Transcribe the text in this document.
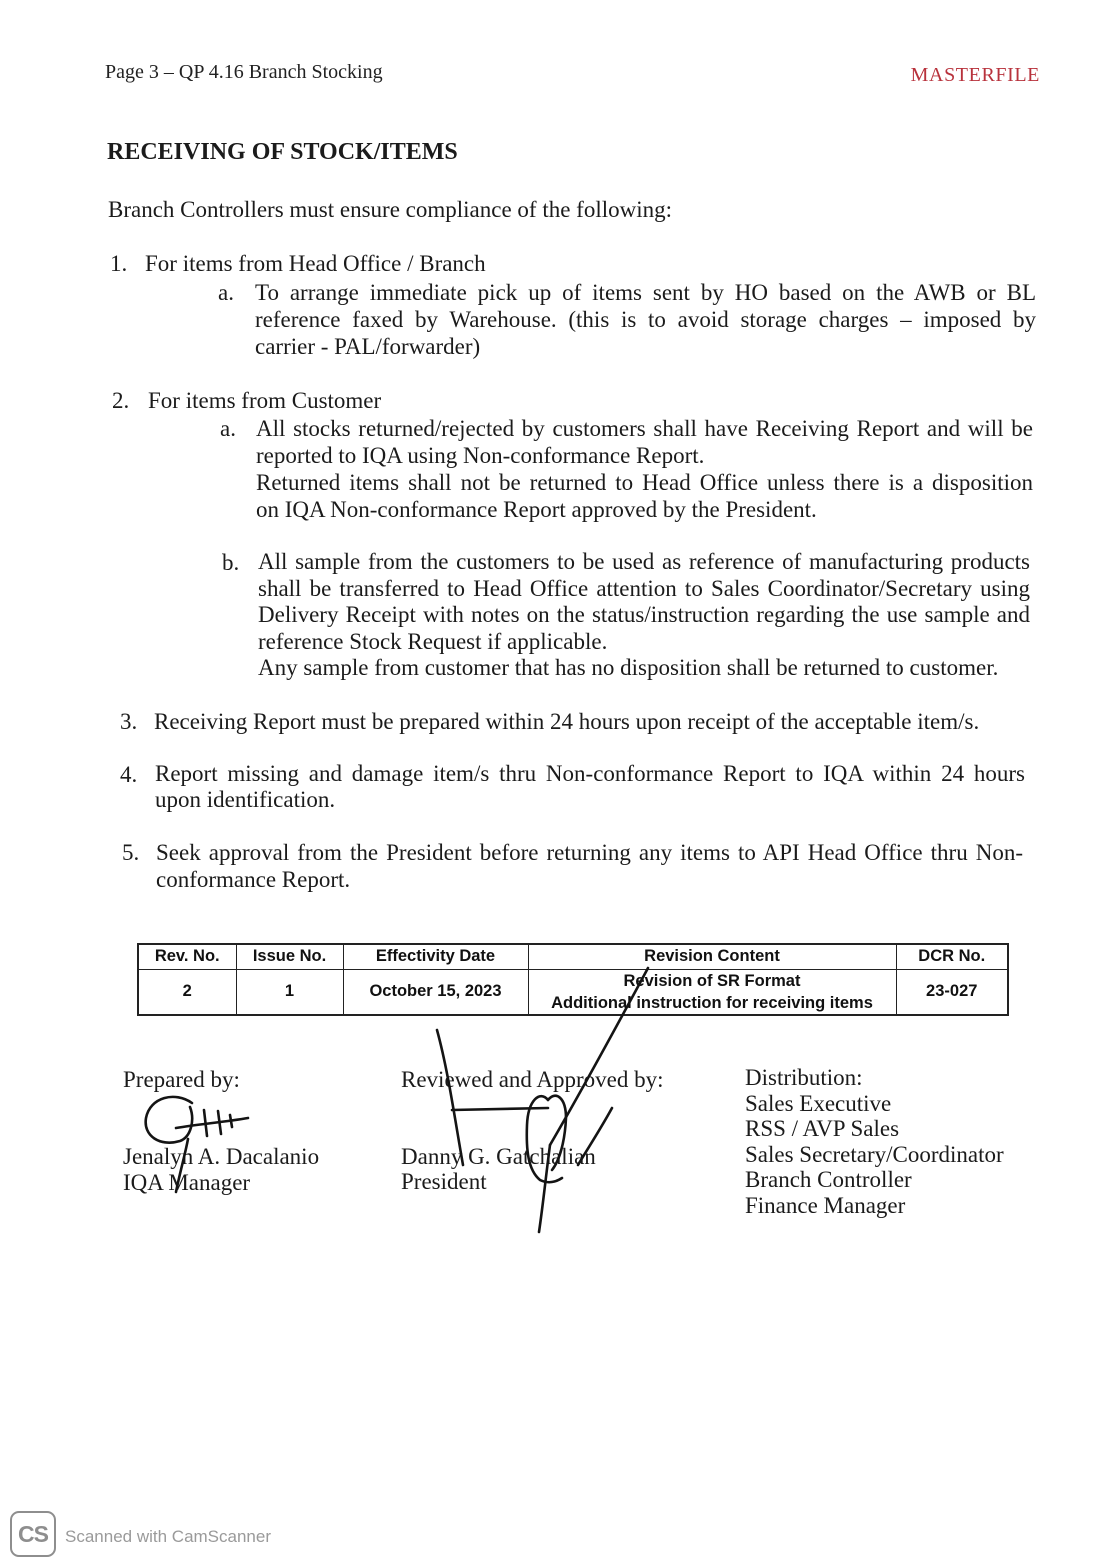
Page 3 – QP 4.16 Branch Stocking	MASTERFILE
RECEIVING OF STOCK/ITEMS
Branch Controllers must ensure compliance of the following:
1. For items from Head Office / Branch
a. To arrange immediate pick up of items sent by HO based on the AWB or BL
reference faxed by Warehouse. (this is to avoid storage charges – imposed by
carrier - PAL/forwarder)
2. For items from Customer
a. All stocks returned/rejected by customers shall have Receiving Report and will be
reported to IQA using Non-conformance Report.
Returned items shall not be returned to Head Office unless there is a disposition
on IQA Non-conformance Report approved by the President.
b. All sample from the customers to be used as reference of manufacturing products
shall be transferred to Head Office attention to Sales Coordinator/Secretary using
Delivery Receipt with notes on the status/instruction regarding the use sample and
reference Stock Request if applicable.
Any sample from customer that has no disposition shall be returned to customer.
3. Receiving Report must be prepared within 24 hours upon receipt of the acceptable item/s.
4. Report missing and damage item/s thru Non-conformance Report to IQA within 24 hours
upon identification.
5. Seek approval from the President before returning any items to API Head Office thru Non-
conformance Report.
Rev. No.	Issue No.	Effectivity Date	Revision Content	DCR No.
2	1	October 15, 2023	Revision of SR Format
Additional instruction for receiving items	23-027
Prepared by:
Jenalyn A. Dacalanio
IQA Manager
Reviewed and Approved by:
Danny G. Gatchalian
President
Distribution:
Sales Executive
RSS / AVP Sales
Sales Secretary/Coordinator
Branch Controller
Finance Manager
CS Scanned with CamScanner
